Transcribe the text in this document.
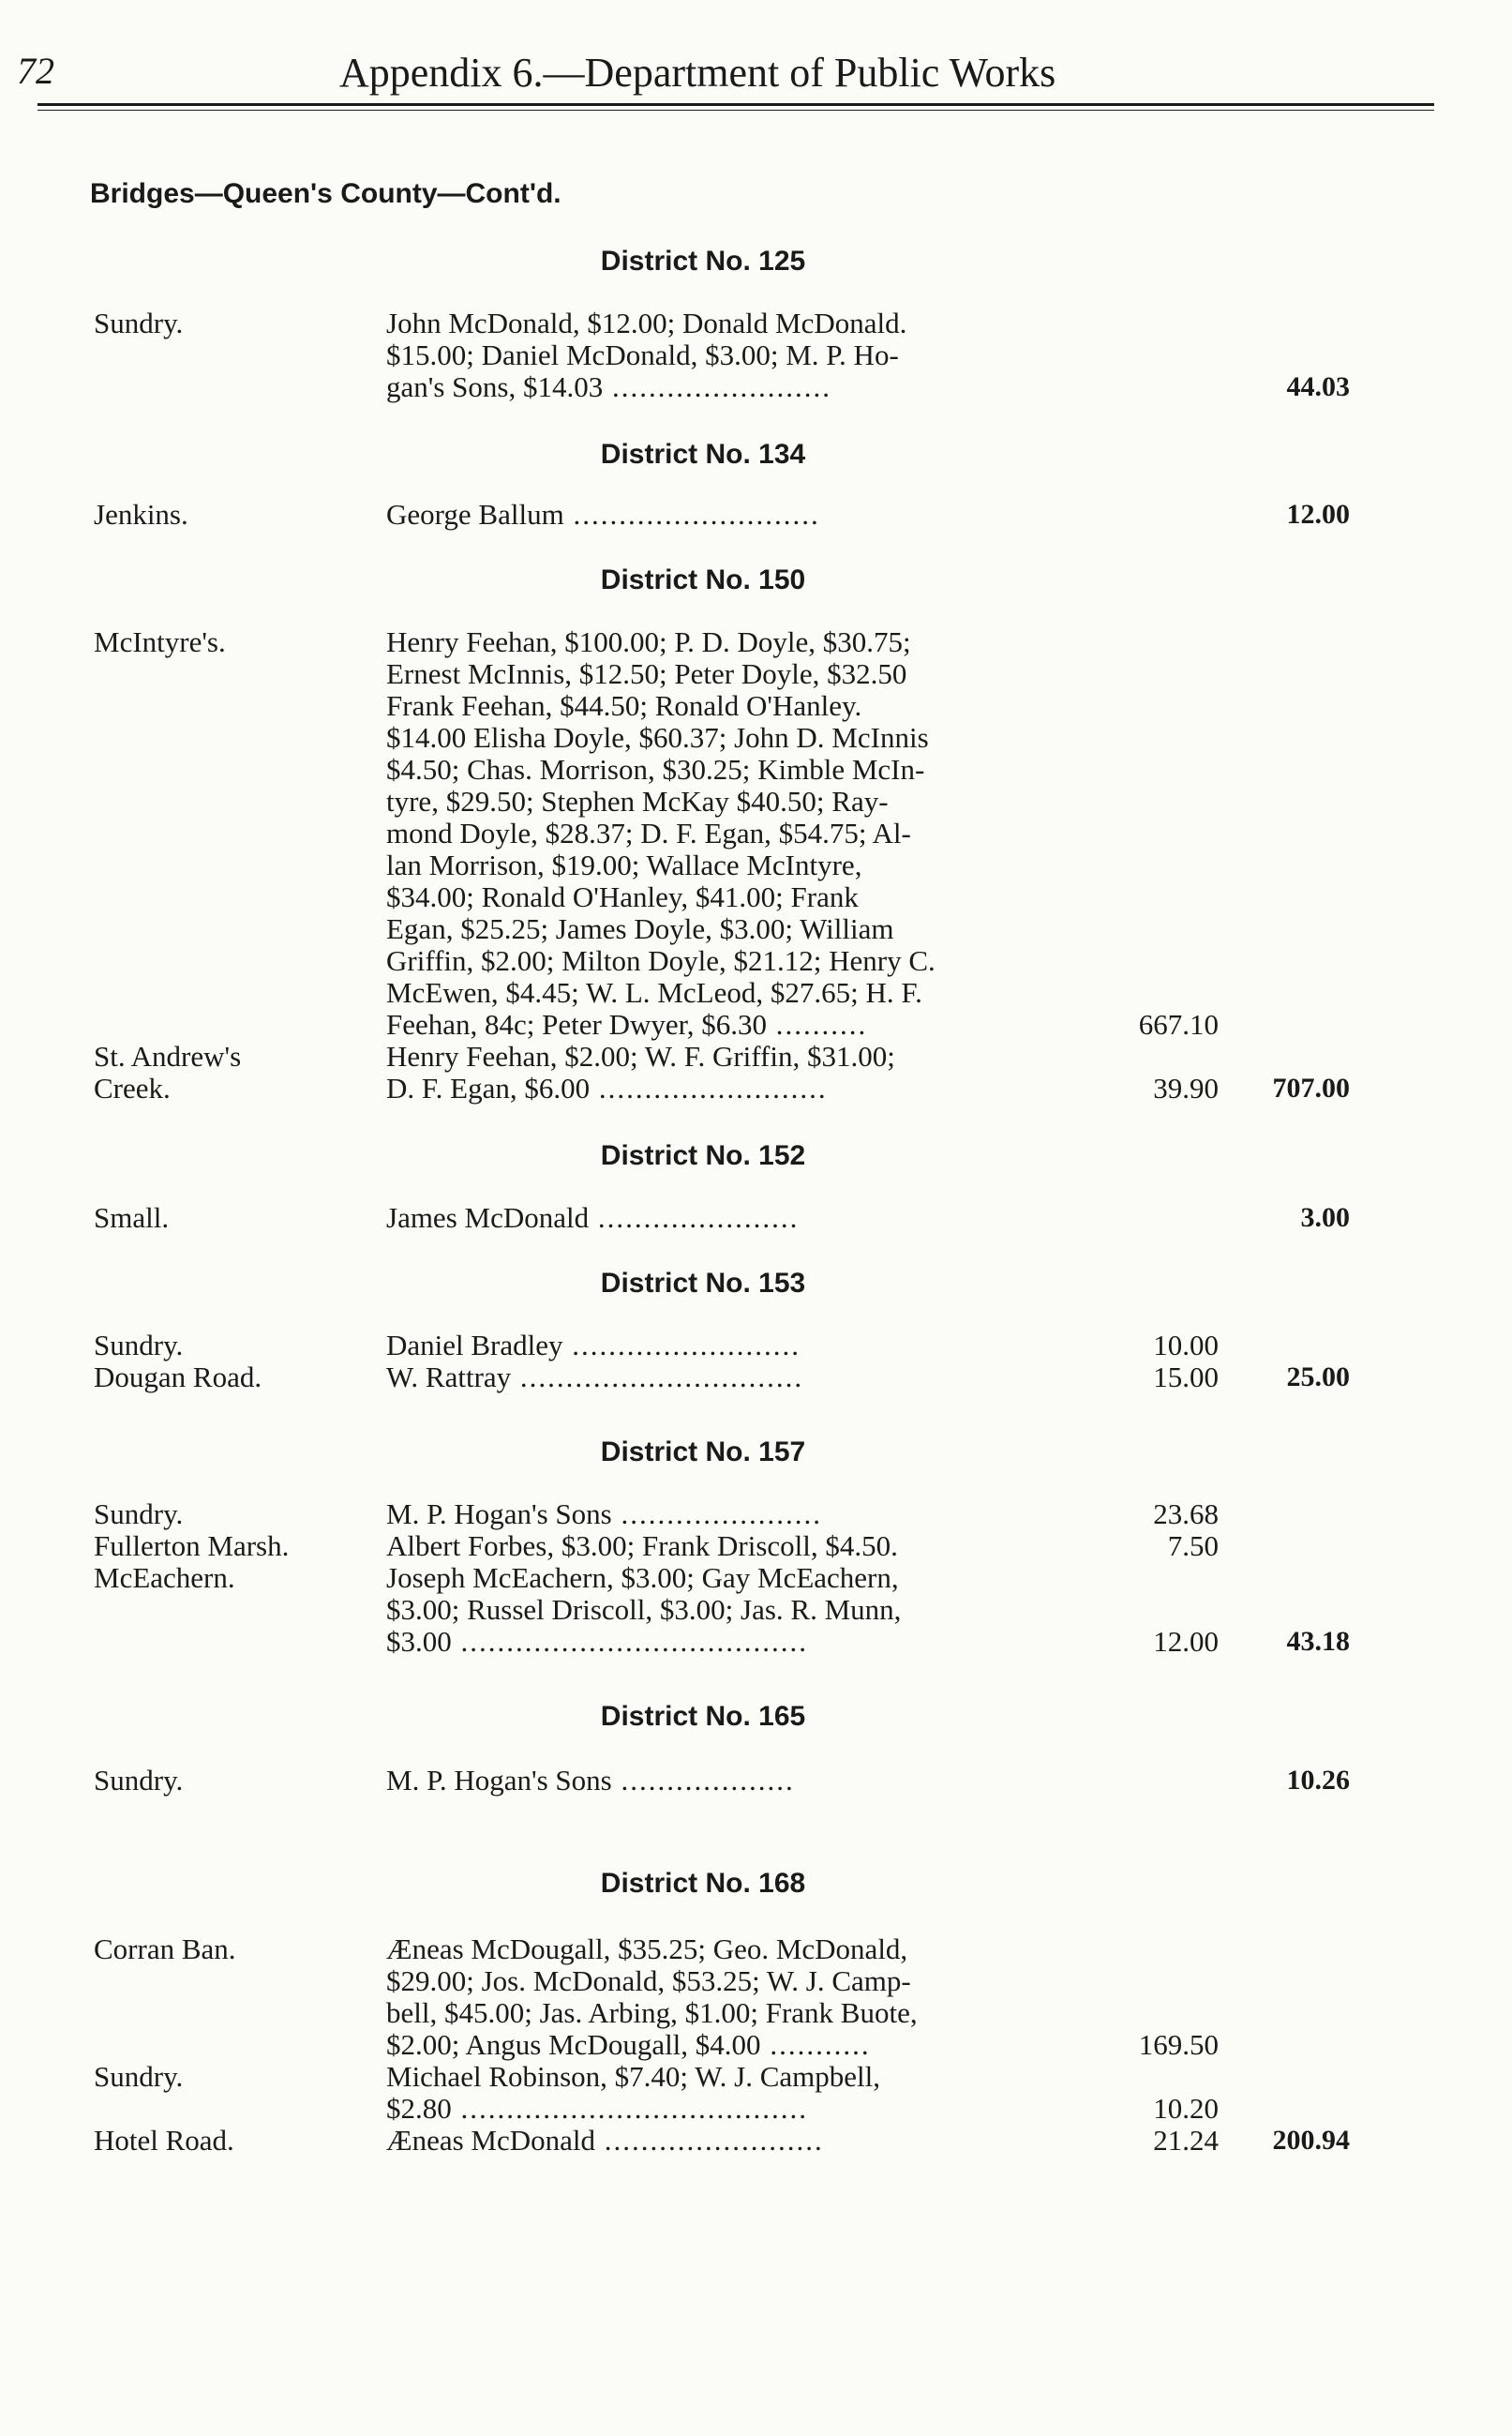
72	Appendix 6.—Department of Public Works
Bridges—Queen's County—Cont'd.
District No. 125
Sundry.	John McDonald, $12.00; Donald McDonald.
$15.00; Daniel McDonald, $3.00; M. P. Ho-
gan's Sons, $14.03 ........................	44.03
District No. 134
Jenkins.	George Ballum ...........................	12.00
District No. 150
McIntyre's.	Henry Feehan, $100.00; P. D. Doyle, $30.75;
Ernest McInnis, $12.50; Peter Doyle, $32.50
Frank Feehan, $44.50; Ronald O'Hanley.
$14.00 Elisha Doyle, $60.37; John D. McInnis
$4.50; Chas. Morrison, $30.25; Kimble McIn-
tyre, $29.50; Stephen McKay $40.50; Ray-
mond Doyle, $28.37; D. F. Egan, $54.75; Al-
lan Morrison, $19.00; Wallace McIntyre,
$34.00; Ronald O'Hanley, $41.00; Frank
Egan, $25.25; James Doyle, $3.00; William
Griffin, $2.00; Milton Doyle, $21.12; Henry C.
McEwen, $4.45; W. L. McLeod, $27.65; H. F.
Feehan, 84c; Peter Dwyer, $6.30 ..........	667.10
St. Andrew's
Creek.
Henry Feehan, $2.00; W. F. Griffin, $31.00;
D. F. Egan, $6.00 .........................	39.90	707.00
District No. 152
Small.	James McDonald ......................	3.00
District No. 153
Sundry.	Daniel Bradley .........................	10.00
Dougan Road.	W. Rattray ...............................	15.00	25.00
District No. 157
Sundry.	M. P. Hogan's Sons ......................	23.68
Fullerton Marsh.	Albert Forbes, $3.00; Frank Driscoll, $4.50.	7.50
McEachern.	Joseph McEachern, $3.00; Gay McEachern,
$3.00; Russel Driscoll, $3.00; Jas. R. Munn,
$3.00 ......................................	12.00	43.18
District No. 165
Sundry.	M. P. Hogan's Sons ...................	10.26
District No. 168
Corran Ban.	Æneas McDougall, $35.25; Geo. McDonald,
$29.00; Jos. McDonald, $53.25; W. J. Camp-
bell, $45.00; Jas. Arbing, $1.00; Frank Buote,
$2.00; Angus McDougall, $4.00 ...........	169.50
Sundry.	Michael Robinson, $7.40; W. J. Campbell,
$2.80 ......................................	10.20
Hotel Road.	Æneas McDonald ........................	21.24	200.94
